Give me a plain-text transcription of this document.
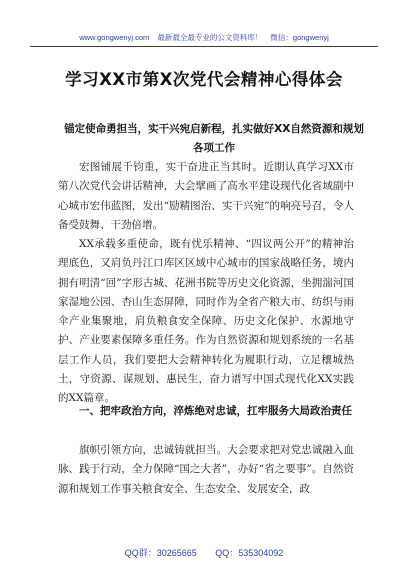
www.gongwenyj.com 最新最全最专业的公文资料库！ 微信：gongwenyj
学习XX市第X次党代会精神心得体会
锚定使命勇担当，实干兴宛启新程，扎实做好XX自然资源和规划各项工作
宏图铺展千钧重，实干奋进正当其时。近期认真学习XX市第八次党代会讲话精神，大会擘画了高水平建设现代化省域副中心城市宏伟蓝图，发出“励精图治、实干兴宛”的响亮号召，令人备受鼓舞、干劲倍增。
XX承载多重使命，既有忧乐精神、“四议两公开”的精神治理底色，又肩负丹江口库区区域中心城市的国家战略任务，境内拥有明清“回”字形古城、花洲书院等历史文化资源，坐拥湍河国家湿地公园、杏山生态屏障，同时作为全省产粮大市、纺织与雨伞产业集聚地，肩负粮食安全保障、历史文化保护、水源地守护、产业要素保障多重任务。作为自然资源和规划系统的一名基层工作人员，我们要把大会精神转化为履职行动，立足穰城热土，守资源、谋规划、惠民生，奋力谱写中国式现代化XX实践的XX篇章。
一、把牢政治方向，淬炼绝对忠诚，扛牢服务大局政治责任
旗帜引领方向，忠诚铸就担当。大会要求把对党忠诚融入血脉、践于行动，全力保障“国之大者”，办好“省之要事”。自然资源和规划工作事关粮食安全、生态安全、发展安全，政
QQ群：30265665 QQ：535304092
